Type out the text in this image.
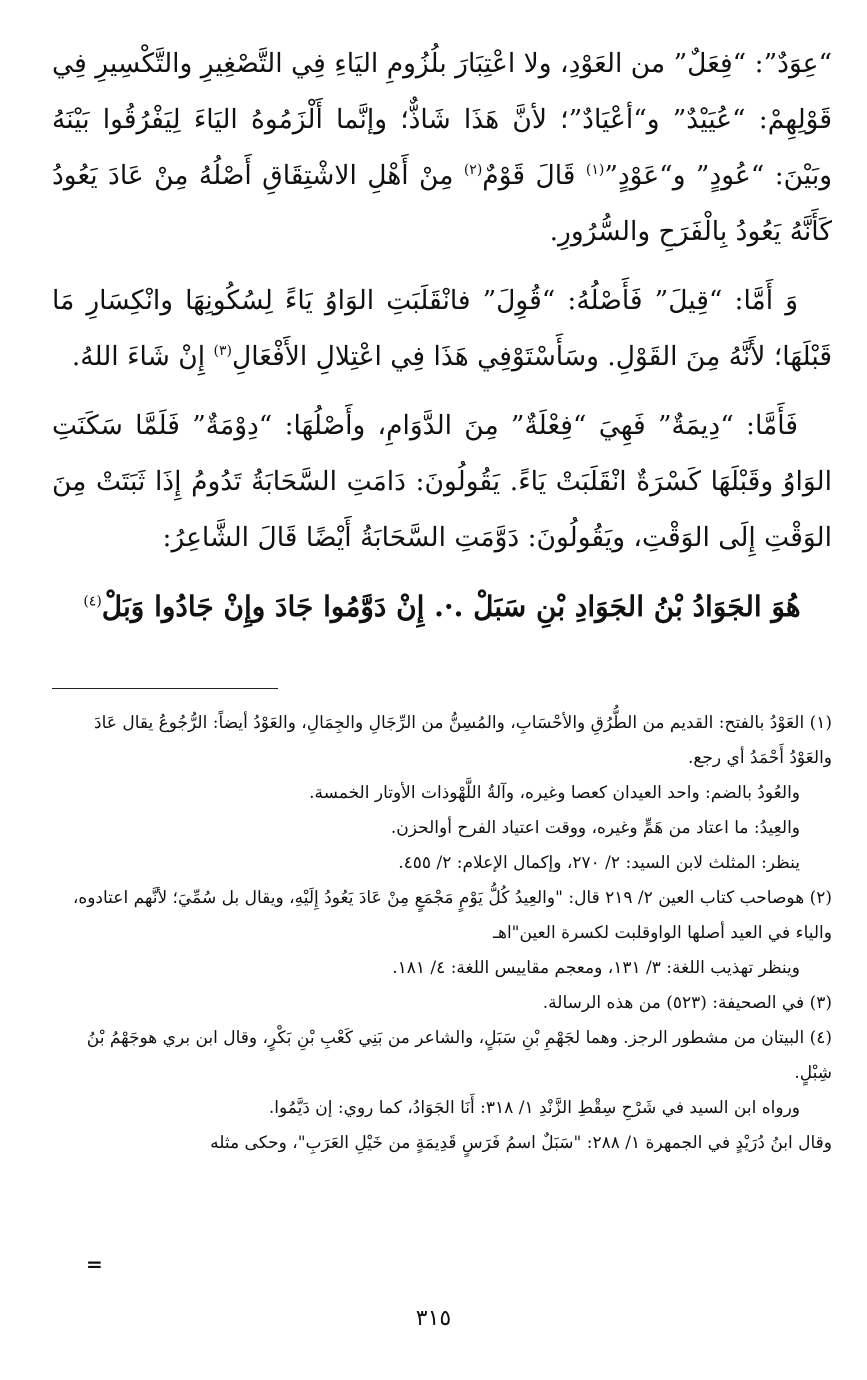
“عِوَدٌ”: “فِعَلٌ” من العَوْدِ، ولا اعْتِبَارَ بلُزُومِ اليَاءِ فِي التَّصْغِيرِ والتَّكْسِيرِ فِي قَوْلِهِمْ: “عُيَيْدٌ” و“أعْيَادٌ”؛ لأنَّ هَذَا شَاذٌّ؛ وإنَّما أَلْزَمُوهُ اليَاءَ لِيَفْرُقُوا بَيْنَهُ وبَيْنَ: “عُودٍ” و“عَوْدٍ”$^{(١)}$ قَالَ قَوْمٌ$^{(٢)}$ مِنْ أَهْلِ الاشْتِقَاقِ أَصْلُهُ مِنْ عَادَ يَعُودُ كَأَنَّهُ يَعُودُ بِالْفَرَحِ والسُّرُورِ.

وَ أَمَّا: “قِيلَ” فَأَصْلُهُ: “قُوِلَ” فانْقَلَبَتِ الوَاوُ يَاءً لِسُكُونِهَا وانْكِسَارِ مَا قَبْلَهَا؛ لأَنَّهُ مِنَ القَوْلِ. وسَأَسْتَوْفِي هَذَا فِي اعْتِلالِ الأَفْعَالِ$^{(٣)}$ إِنْ شَاءَ اللهُ.

فَأَمَّا: “دِيمَةٌ” فَهِيَ “فِعْلَةٌ” مِنَ الدَّوَامِ، وأَصْلُهَا: “دِوْمَةٌ” فَلَمَّا سَكَنَتِ الوَاوُ وقَبْلَهَا كَسْرَةٌ انْقَلَبَتْ يَاءً. يَقُولُونَ: دَامَتِ السَّحَابَةُ تَدُومُ إِذَا ثَبَتَتْ مِنَ الوَقْتِ إِلَى الوَقْتِ، ويَقُولُونَ: دَوَّمَتِ السَّحَابَةُ أَيْضًا قَالَ الشَّاعِرُ:

هُوَ الجَوَادُ بْنُ الجَوَادِ بْنِ سَبَلْ .·. إِنْ دَوَّمُوا جَادَ وإِنْ جَادُوا وَبَلْ$^{(٤)}$

(١) العَوْدُ بالفتح: القديم من الطُّرُقِ والأحْسَابِ، والمُسِنُّ من الرِّجَالِ والجِمَالِ، والعَوْدُ أيضاً: الرُّجُوعُ يقال عَادَ والعَوْدُ أَحْمَدُ أي رجع.

والعُودُ بالضم: واحد العيدان كعصا وغيره، وآلةُ اللَّهْوذات الأوتار الخمسة.

والعِيدُ: ما اعتاد من هَمٍّ وغيره، ووقت اعتياد الفرح أوالحزن.

ينظر: المثلث لابن السيد: ٢/ ٢٧٠، وإكمال الإعلام: ٢/ ٤٥٥.

(٢) هوصاحب كتاب العين ٢/ ٢١٩ قال: "والعِيدُ كُلُّ يَوْمٍ مَجْمَعٍ مِنْ عَادَ يَعُودُ إِلَيْهِ، ويقال بل سُمِّيَ؛ لأنَّهم اعتادوه، والياء في العيد أصلها الواوقلبت لكسرة العين"اهـ

وينظر تهذيب اللغة: ٣/ ١٣١، ومعجم مقاييس اللغة: ٤/ ١٨١.

(٣) في الصحيفة: (٥٢٣) من هذه الرسالة.

(٤) البيتان من مشطور الرجز. وهما لجَهْمِ بْنِ سَبَلٍ، والشاعر من بَنِي كَعْبِ بْنِ بَكْرٍ، وقال ابن بري هوجَهْمُ بْنُ شِبْلٍ.

ورواه ابن السيد في شَرْحِ سِقْطِ الزَّنْدِ ١/ ٣١٨: أَنَا الجَوَادُ، كما روي: إن دَيَّمُوا.

وقال ابنُ دُرَيْدٍ في الجمهرة ١/ ٢٨٨: "سَبَلٌ اسمُ فَرَسٍ قَدِيمَةٍ من خَيْلِ العَرَبِ"، وحكى مثله

=
٣١٥
